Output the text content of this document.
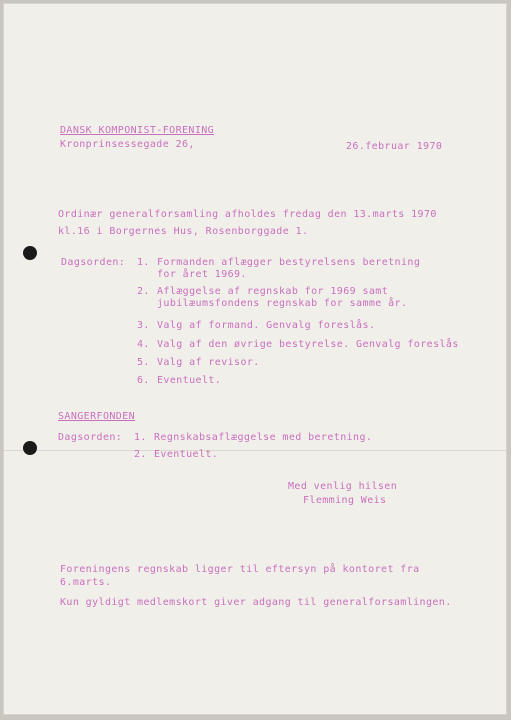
DANSK KOMPONIST-FORENING
Kronprinsessegade 26,	26.februar 1970
Ordinær generalforsamling afholdes fredag den 13.marts 1970
kl.16 i Borgernes Hus, Rosenborggade 1.
Dagsorden: 1. Formanden aflægger bestyrelsens beretning
for året 1969.
2. Aflæggelse af regnskab for 1969 samt
jubilæumsfondens regnskab for samme år.
3. Valg af formand. Genvalg foreslås.
4. Valg af den øvrige bestyrelse. Genvalg foreslås
5. Valg af revisor.
6. Eventuelt.
SANGERFONDEN
Dagsorden: 1. Regnskabsaflæggelse med beretning.
2. Eventuelt.
Med venlig hilsen
Flemming Weis
Foreningens regnskab ligger til eftersyn på kontoret fra
6.marts.
Kun gyldigt medlemskort giver adgang til generalforsamlingen.
